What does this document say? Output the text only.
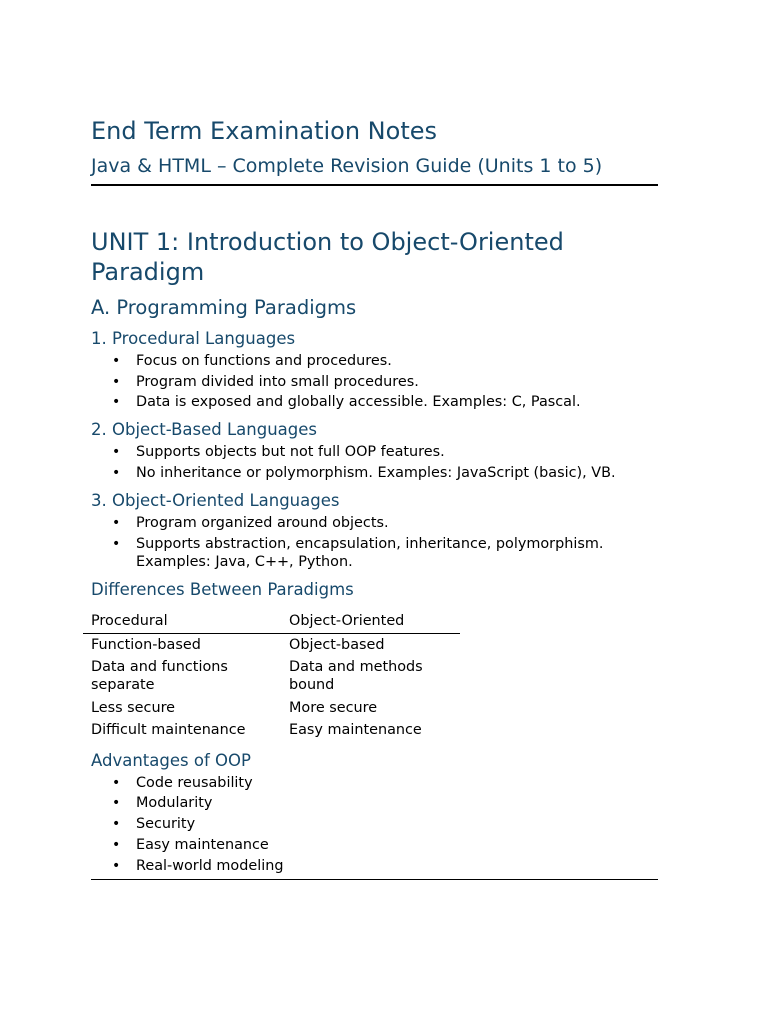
End Term Examination Notes
Java & HTML – Complete Revision Guide (Units 1 to 5)
UNIT 1: Introduction to Object-Oriented Paradigm
A. Programming Paradigms
1. Procedural Languages
• Focus on functions and procedures.
• Program divided into small procedures.
• Data is exposed and globally accessible. Examples: C, Pascal.
2. Object-Based Languages
• Supports objects but not full OOP features.
• No inheritance or polymorphism. Examples: JavaScript (basic), VB.
3. Object-Oriented Languages
• Program organized around objects.
• Supports abstraction, encapsulation, inheritance, polymorphism. Examples: Java, C++, Python.
Differences Between Paradigms
Procedural	Object-Oriented
Function-based	Object-based
Data and functions separate	Data and methods bound
Less secure	More secure
Difficult maintenance	Easy maintenance
Advantages of OOP
• Code reusability
• Modularity
• Security
• Easy maintenance
• Real-world modeling
